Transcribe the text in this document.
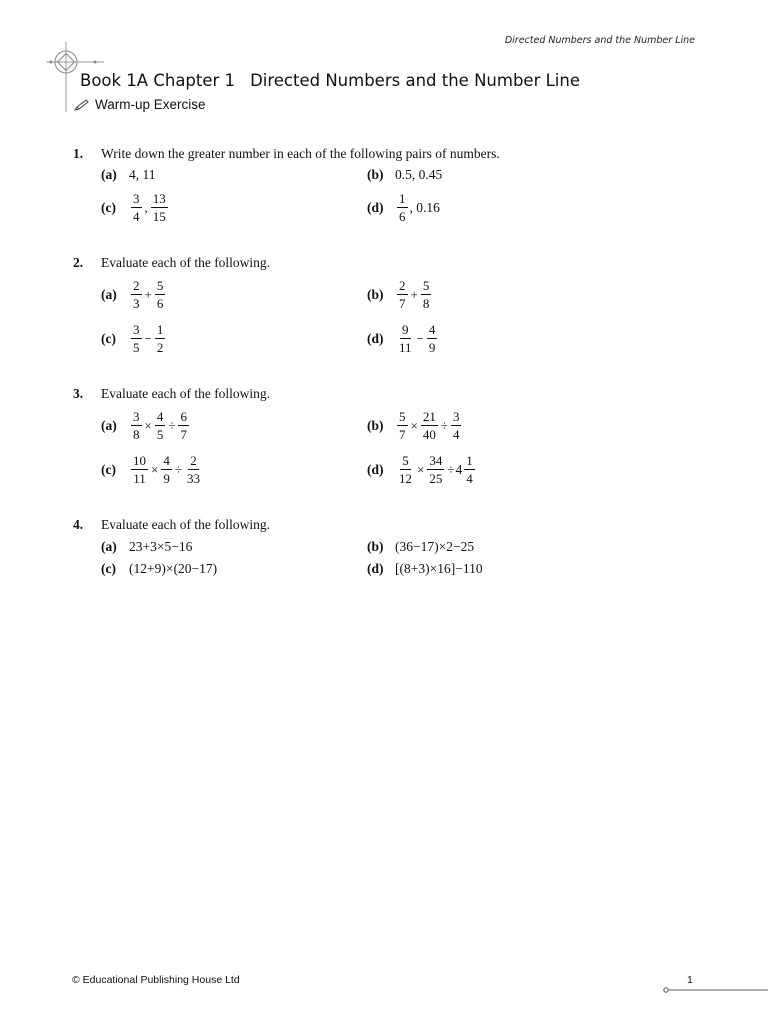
Directed Numbers and the Number Line
Book 1A Chapter 1 Directed Numbers and the Number Line
Warm-up Exercise
1. Write down the greater number in each of the following pairs of numbers.
(a) 4, 11	(b) 0.5, 0.45
(c)	$\frac{3}{4}$ , $\frac{13}{15}$	(d)	$\frac{1}{6}$ , 0.16
2. Evaluate each of the following.
(a)	$\frac{2}{3} + \frac{5}{6}$	(b)	$\frac{2}{7} + \frac{5}{8}$
(c)	$\frac{3}{5} - \frac{1}{2}$	(d)	$\frac{9}{11} - \frac{4}{9}$
3. Evaluate each of the following.
(a)	$\frac{3}{8} \times \frac{4}{5} \div \frac{6}{7}$	(b)	$\frac{5}{7} \times \frac{21}{40} \div \frac{3}{4}$
(c)	$\frac{10}{11} \times \frac{4}{9} \div \frac{2}{33}$	(d)	$\frac{5}{12} \times \frac{34}{25} \div 4 \frac{1}{4}$
4. Evaluate each of the following.
(a) 23+3×5−16	(b) (36−17)×2−25
(c) (12+9)×(20−17)	(d) [(8+3)×16]−110
© Educational Publishing House Ltd	1
